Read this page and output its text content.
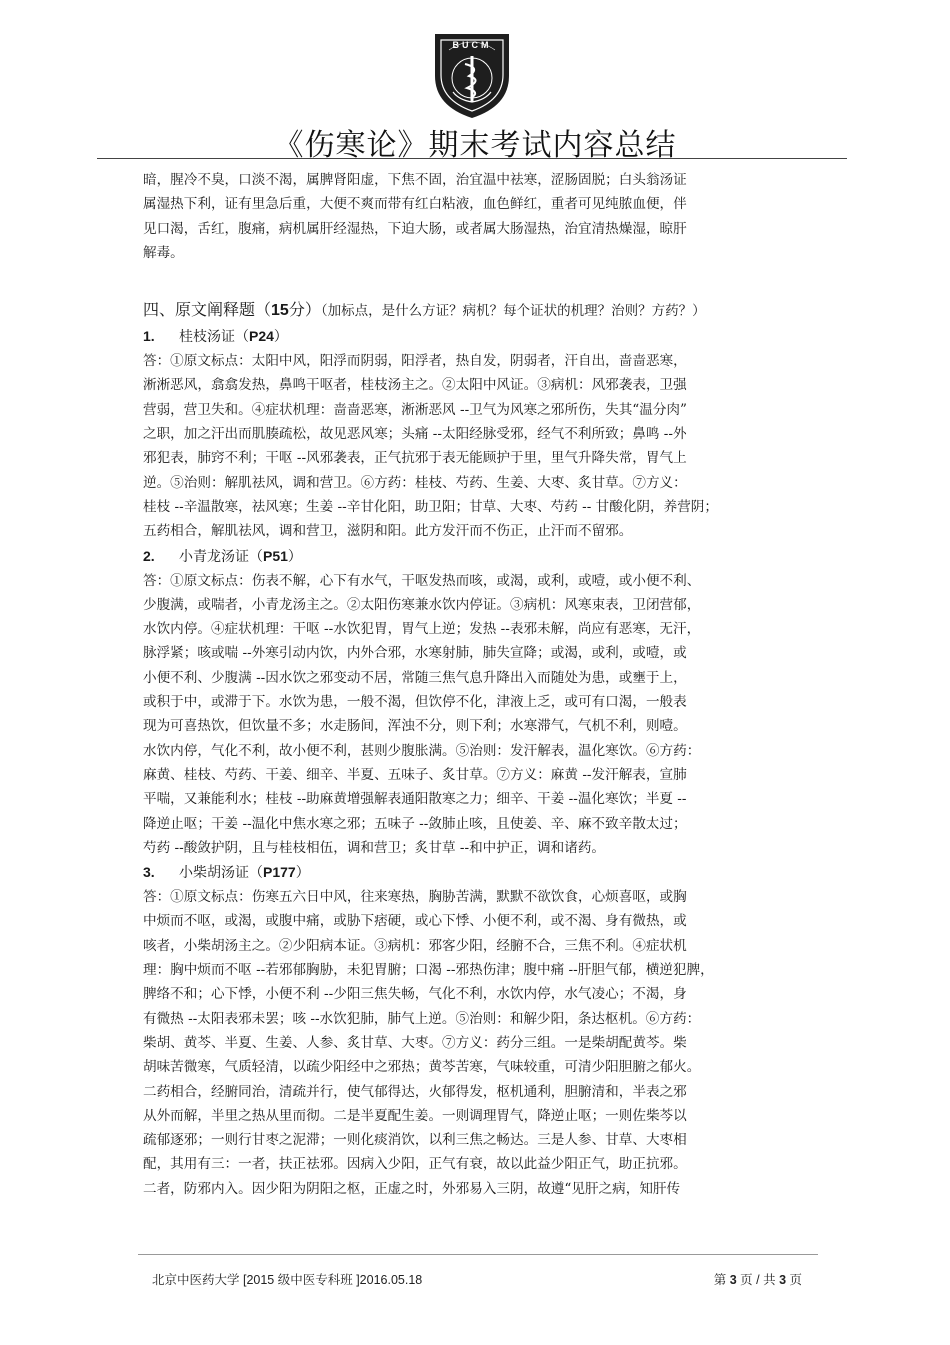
BUCM
《伤寒论》期末考试内容总结
暗，腥冷不臭，口淡不渴，属脾肾阳虚，下焦不固，治宜温中祛寒，涩肠固脱；白头翁汤证
属湿热下利，证有里急后重，大便不爽而带有红白粘液，血色鲜红，重者可见纯脓血便，伴
见口渴，舌红，腹痛，病机属肝经湿热，下迫大肠，或者属大肠湿热，治宜清热燥湿，晾肝
解毒。
四、原文阐释题（15分）（加标点，是什么方证？病机？每个证状的机理？治则？方药？）
1. 桂枝汤证（P24）
答：①原文标点：太阳中风，阳浮而阴弱，阳浮者，热自发，阴弱者，汗自出，啬啬恶寒，
淅淅恶风，翕翕发热，鼻鸣干呕者，桂枝汤主之。②太阳中风证。③病机：风邪袭表，卫强
营弱，营卫失和。④症状机理：啬啬恶寒，淅淅恶风 --卫气为风寒之邪所伤，失其“温分肉”
之职，加之汗出而肌腠疏松，故见恶风寒；头痛 --太阳经脉受邪，经气不利所致；鼻鸣 --外
邪犯表，肺窍不利；干呕 --风邪袭表，正气抗邪于表无能顾护于里，里气升降失常，胃气上
逆。⑤治则：解肌祛风，调和营卫。⑥方药：桂枝、芍药、生姜、大枣、炙甘草。⑦方义：
桂枝 --辛温散寒，祛风寒；生姜 --辛甘化阳，助卫阳；甘草、大枣、芍药 -- 甘酸化阴，养营阴；
五药相合，解肌祛风，调和营卫，滋阴和阳。此方发汗而不伤正，止汗而不留邪。
2. 小青龙汤证（P51）
答：①原文标点：伤表不解，心下有水气，干呕发热而咳，或渴，或利，或噎，或小便不利、
少腹满，或喘者，小青龙汤主之。②太阳伤寒兼水饮内停证。③病机：风寒束表，卫闭营郁，
水饮内停。④症状机理：干呕 --水饮犯胃，胃气上逆；发热 --表邪未解，尚应有恶寒，无汗，
脉浮紧；咳或喘 --外寒引动内饮，内外合邪，水寒射肺，肺失宣降；或渴，或利，或噎，或
小便不利、少腹满 --因水饮之邪变动不居，常随三焦气息升降出入而随处为患，或壅于上，
或积于中，或滞于下。水饮为患，一般不渴，但饮停不化，津液上乏，或可有口渴，一般表
现为可喜热饮，但饮量不多；水走肠间，浑浊不分，则下利；水寒滞气，气机不利，则噎。
水饮内停，气化不利，故小便不利，甚则少腹胀满。⑤治则：发汗解表，温化寒饮。⑥方药：
麻黄、桂枝、芍药、干姜、细辛、半夏、五味子、炙甘草。⑦方义：麻黄 --发汗解表，宣肺
平喘，又兼能利水；桂枝 --助麻黄增强解表通阳散寒之力；细辛、干姜 --温化寒饮；半夏 --
降逆止呕；干姜 --温化中焦水寒之邪；五味子 --敛肺止咳，且使姜、辛、麻不致辛散太过；
芍药 --酸敛护阴，且与桂枝相伍，调和营卫；炙甘草 --和中护正，调和诸药。
3. 小柴胡汤证（P177）
答：①原文标点：伤寒五六日中风，往来寒热，胸胁苦满，默默不欲饮食，心烦喜呕，或胸
中烦而不呕，或渴，或腹中痛，或胁下痞硬，或心下悸、小便不利，或不渴、身有微热，或
咳者，小柴胡汤主之。②少阳病本证。③病机：邪客少阳，经腑不合，三焦不利。④症状机
理：胸中烦而不呕 --若邪郁胸胁，未犯胃腑；口渴 --邪热伤津；腹中痛 --肝胆气郁，横逆犯脾，
脾络不和；心下悸，小便不利 --少阳三焦失畅，气化不利，水饮内停，水气凌心；不渴，身
有微热 --太阳表邪未罢；咳 --水饮犯肺，肺气上逆。⑤治则：和解少阳，条达枢机。⑥方药：
柴胡、黄芩、半夏、生姜、人参、炙甘草、大枣。⑦方义：药分三组。一是柴胡配黄芩。柴
胡味苦微寒，气质轻清，以疏少阳经中之邪热；黄芩苦寒，气味较重，可清少阳胆腑之郁火。
二药相合，经腑同治，清疏并行，使气郁得达，火郁得发，枢机通利，胆腑清和，半表之邪
从外而解，半里之热从里而彻。二是半夏配生姜。一则调理胃气，降逆止呕；一则佐柴芩以
疏郁逐邪；一则行甘枣之泥滞；一则化痰消饮，以利三焦之畅达。三是人参、甘草、大枣相
配，其用有三：一者，扶正祛邪。因病入少阳，正气有衰，故以此益少阳正气，助正抗邪。
二者，防邪内入。因少阳为阴阳之枢，正虚之时，外邪易入三阴，故遵“见肝之病，知肝传
北京中医药大学 [2015 级中医专科班 ]2016.05.18	第 3 页 / 共 3 页
